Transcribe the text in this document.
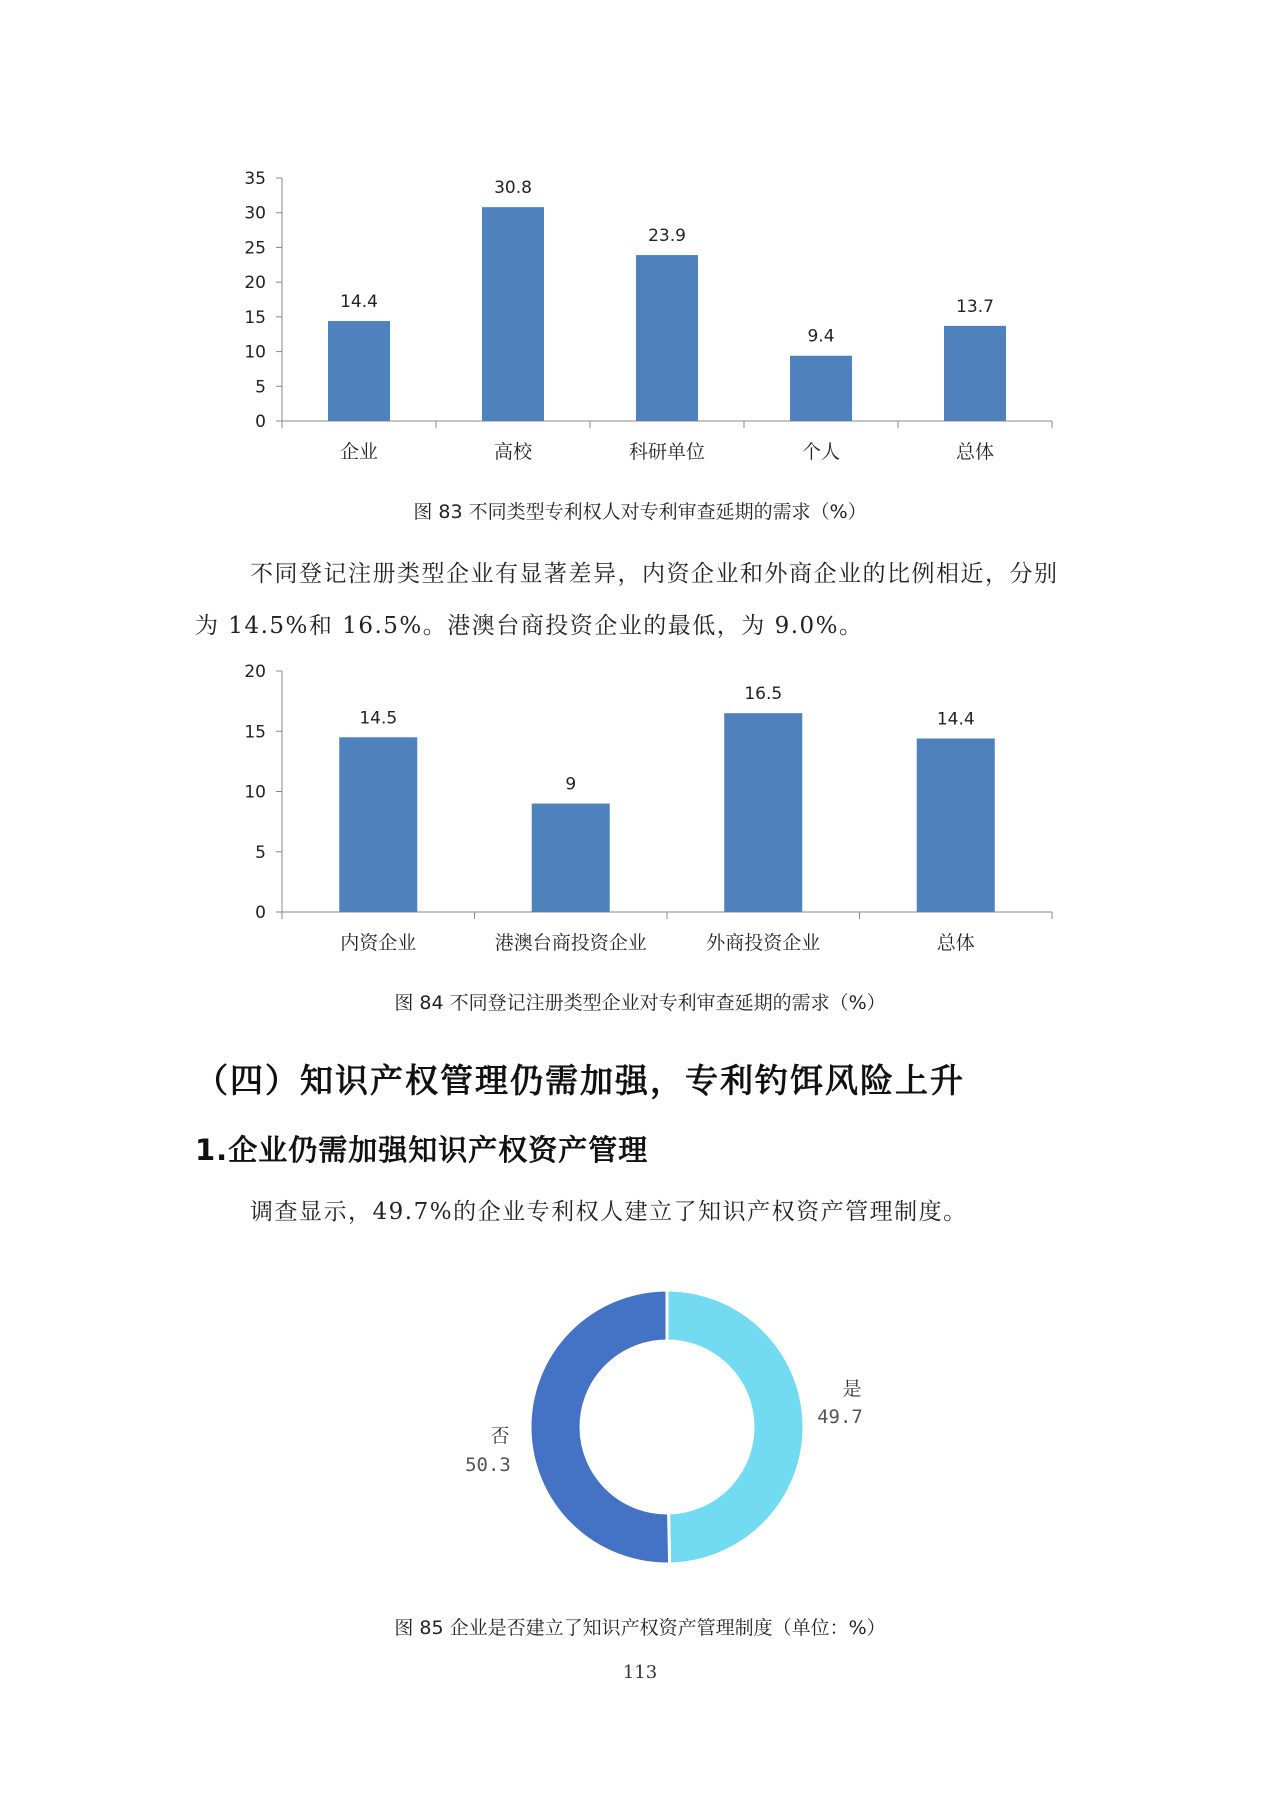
0
5
10
15
20
25
30
35
14.4
企业
30.8
高校
23.9
科研单位
9.4
个人
13.7
总体
图 83 不同类型专利权人对专利审查延期的需求（%）
不同登记注册类型企业有显著差异，内资企业和外商企业的比例相近，分别
为 14.5%和 16.5%。港澳台商投资企业的最低，为 9.0%。
0
5
10
15
20
14.5
内资企业
9
港澳台商投资企业
16.5
外商投资企业
14.4
总体
图 84 不同登记注册类型企业对专利审查延期的需求（%）
（四）知识产权管理仍需加强，专利钓饵风险上升
1.企业仍需加强知识产权资产管理
调查显示，49.7%的企业专利权人建立了知识产权资产管理制度。
是
49.7
否
50.3
图 85 企业是否建立了知识产权资产管理制度（单位：%）
113
